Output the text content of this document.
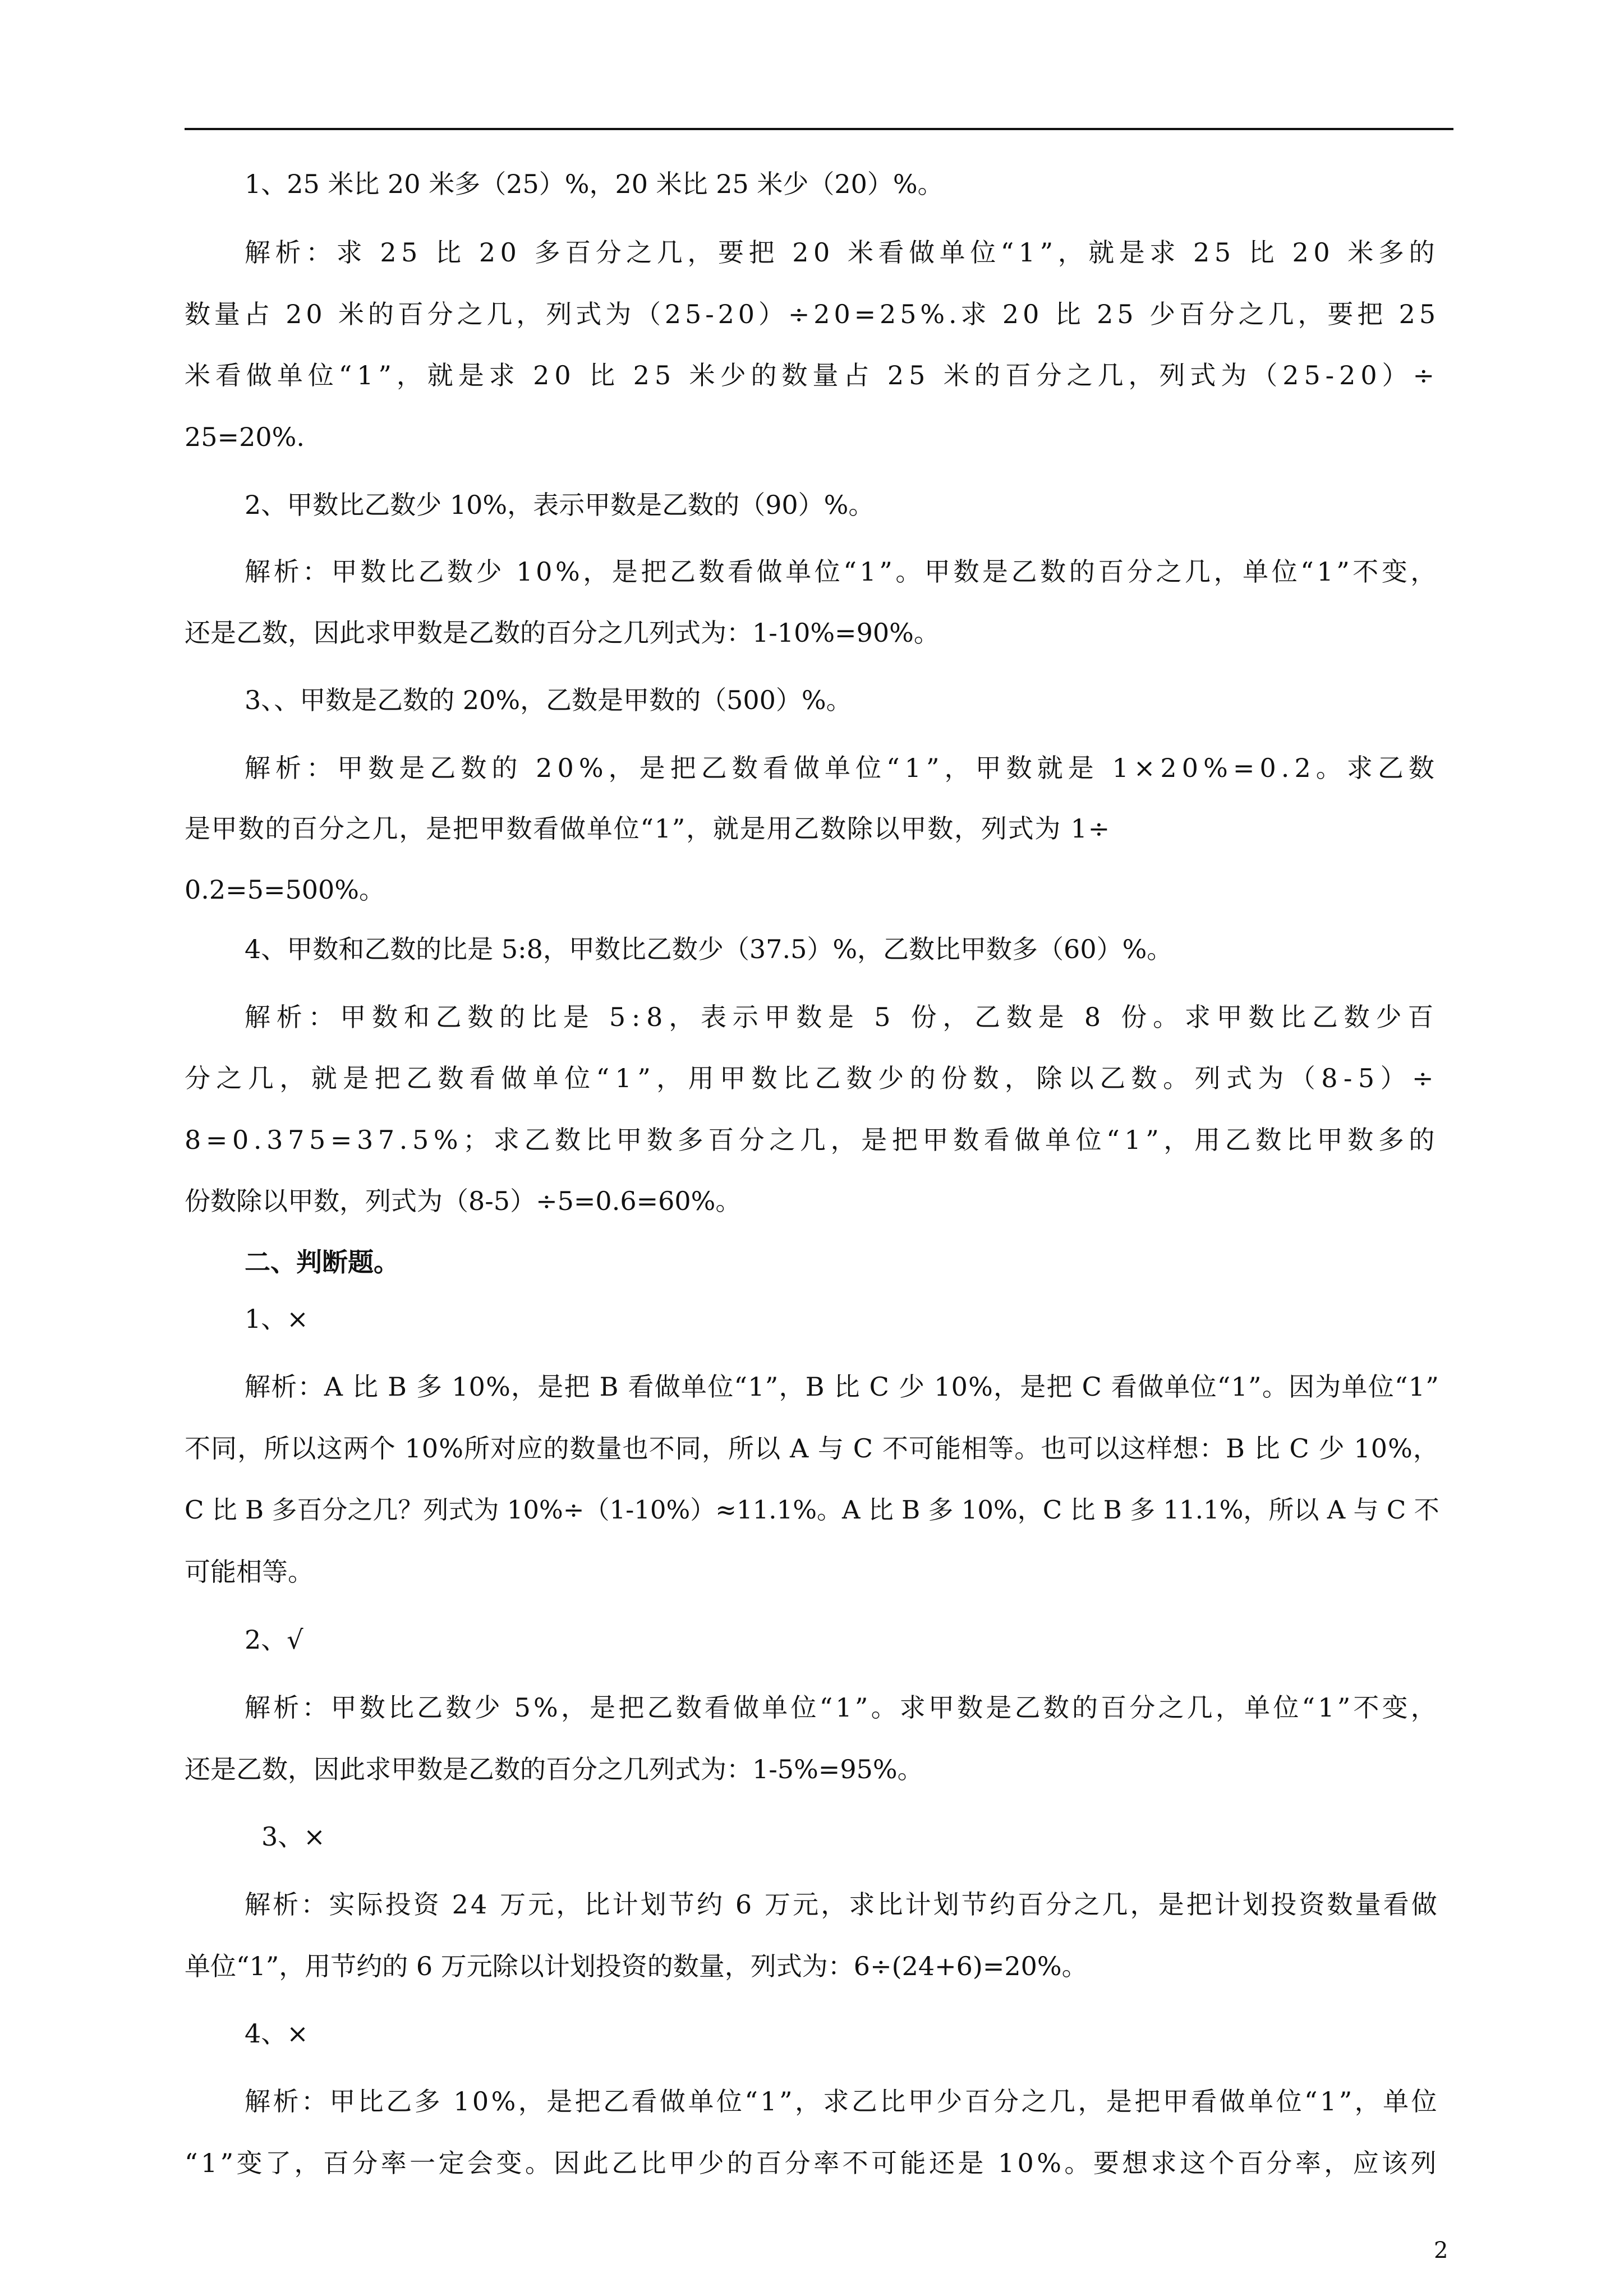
1、25 米比 20 米多（25）%，20 米比 25 米少（20）%。

解析：求 25 比 20 多百分之几，要把 20 米看做单位“1”，就是求 25 比 20 米多的

数量占 20 米的百分之几，列式为（25-20）÷20=25%.求 20 比 25 少百分之几，要把 25

米看做单位“1”，就是求 20 比 25 米少的数量占 25 米的百分之几，列式为（25-20）÷

25=20%.

2、甲数比乙数少 10%，表示甲数是乙数的（90）%。

解析：甲数比乙数少 10%，是把乙数看做单位“1”。甲数是乙数的百分之几，单位“1”不变，

还是乙数，因此求甲数是乙数的百分之几列式为：1-10%=90%。

3、、甲数是乙数的 20%，乙数是甲数的（500）%。

解析：甲数是乙数的 20%，是把乙数看做单位“1”，甲数就是 1×20%=0.2。求乙数

是甲数的百分之几，是把甲数看做单位“1”，就是用乙数除以甲数，列式为 1÷

0.2=5=500%。

4、甲数和乙数的比是 5:8，甲数比乙数少（37.5）%，乙数比甲数多（60）%。

解析：甲数和乙数的比是 5:8，表示甲数是 5 份，乙数是 8 份。求甲数比乙数少百

分之几，就是把乙数看做单位“1”，用甲数比乙数少的份数，除以乙数。列式为（8-5）÷

8=0.375=37.5%；求乙数比甲数多百分之几，是把甲数看做单位“1”，用乙数比甲数多的

份数除以甲数，列式为（8-5）÷5=0.6=60%。

二、判断题。

1、×

解析：A 比 B 多 10%，是把 B 看做单位“1”，B 比 C 少 10%，是把 C 看做单位“1”。因为单位“1”

不同，所以这两个 10%所对应的数量也不同，所以 A 与 C 不可能相等。也可以这样想：B 比 C 少 10%，

C 比 B 多百分之几？列式为 10%÷（1-10%）≈11.1%。A 比 B 多 10%，C 比 B 多 11.1%，所以 A 与 C 不

可能相等。

2、√

解析：甲数比乙数少 5%，是把乙数看做单位“1”。求甲数是乙数的百分之几，单位“1”不变，

还是乙数，因此求甲数是乙数的百分之几列式为：1-5%=95%。

3、×

解析：实际投资 24 万元，比计划节约 6 万元，求比计划节约百分之几，是把计划投资数量看做

单位“1”，用节约的 6 万元除以计划投资的数量，列式为：6÷(24+6)=20%。

4、×

解析：甲比乙多 10%，是把乙看做单位“1”，求乙比甲少百分之几，是把甲看做单位“1”，单位

“1”变了，百分率一定会变。因此乙比甲少的百分率不可能还是 10%。要想求这个百分率，应该列

2
